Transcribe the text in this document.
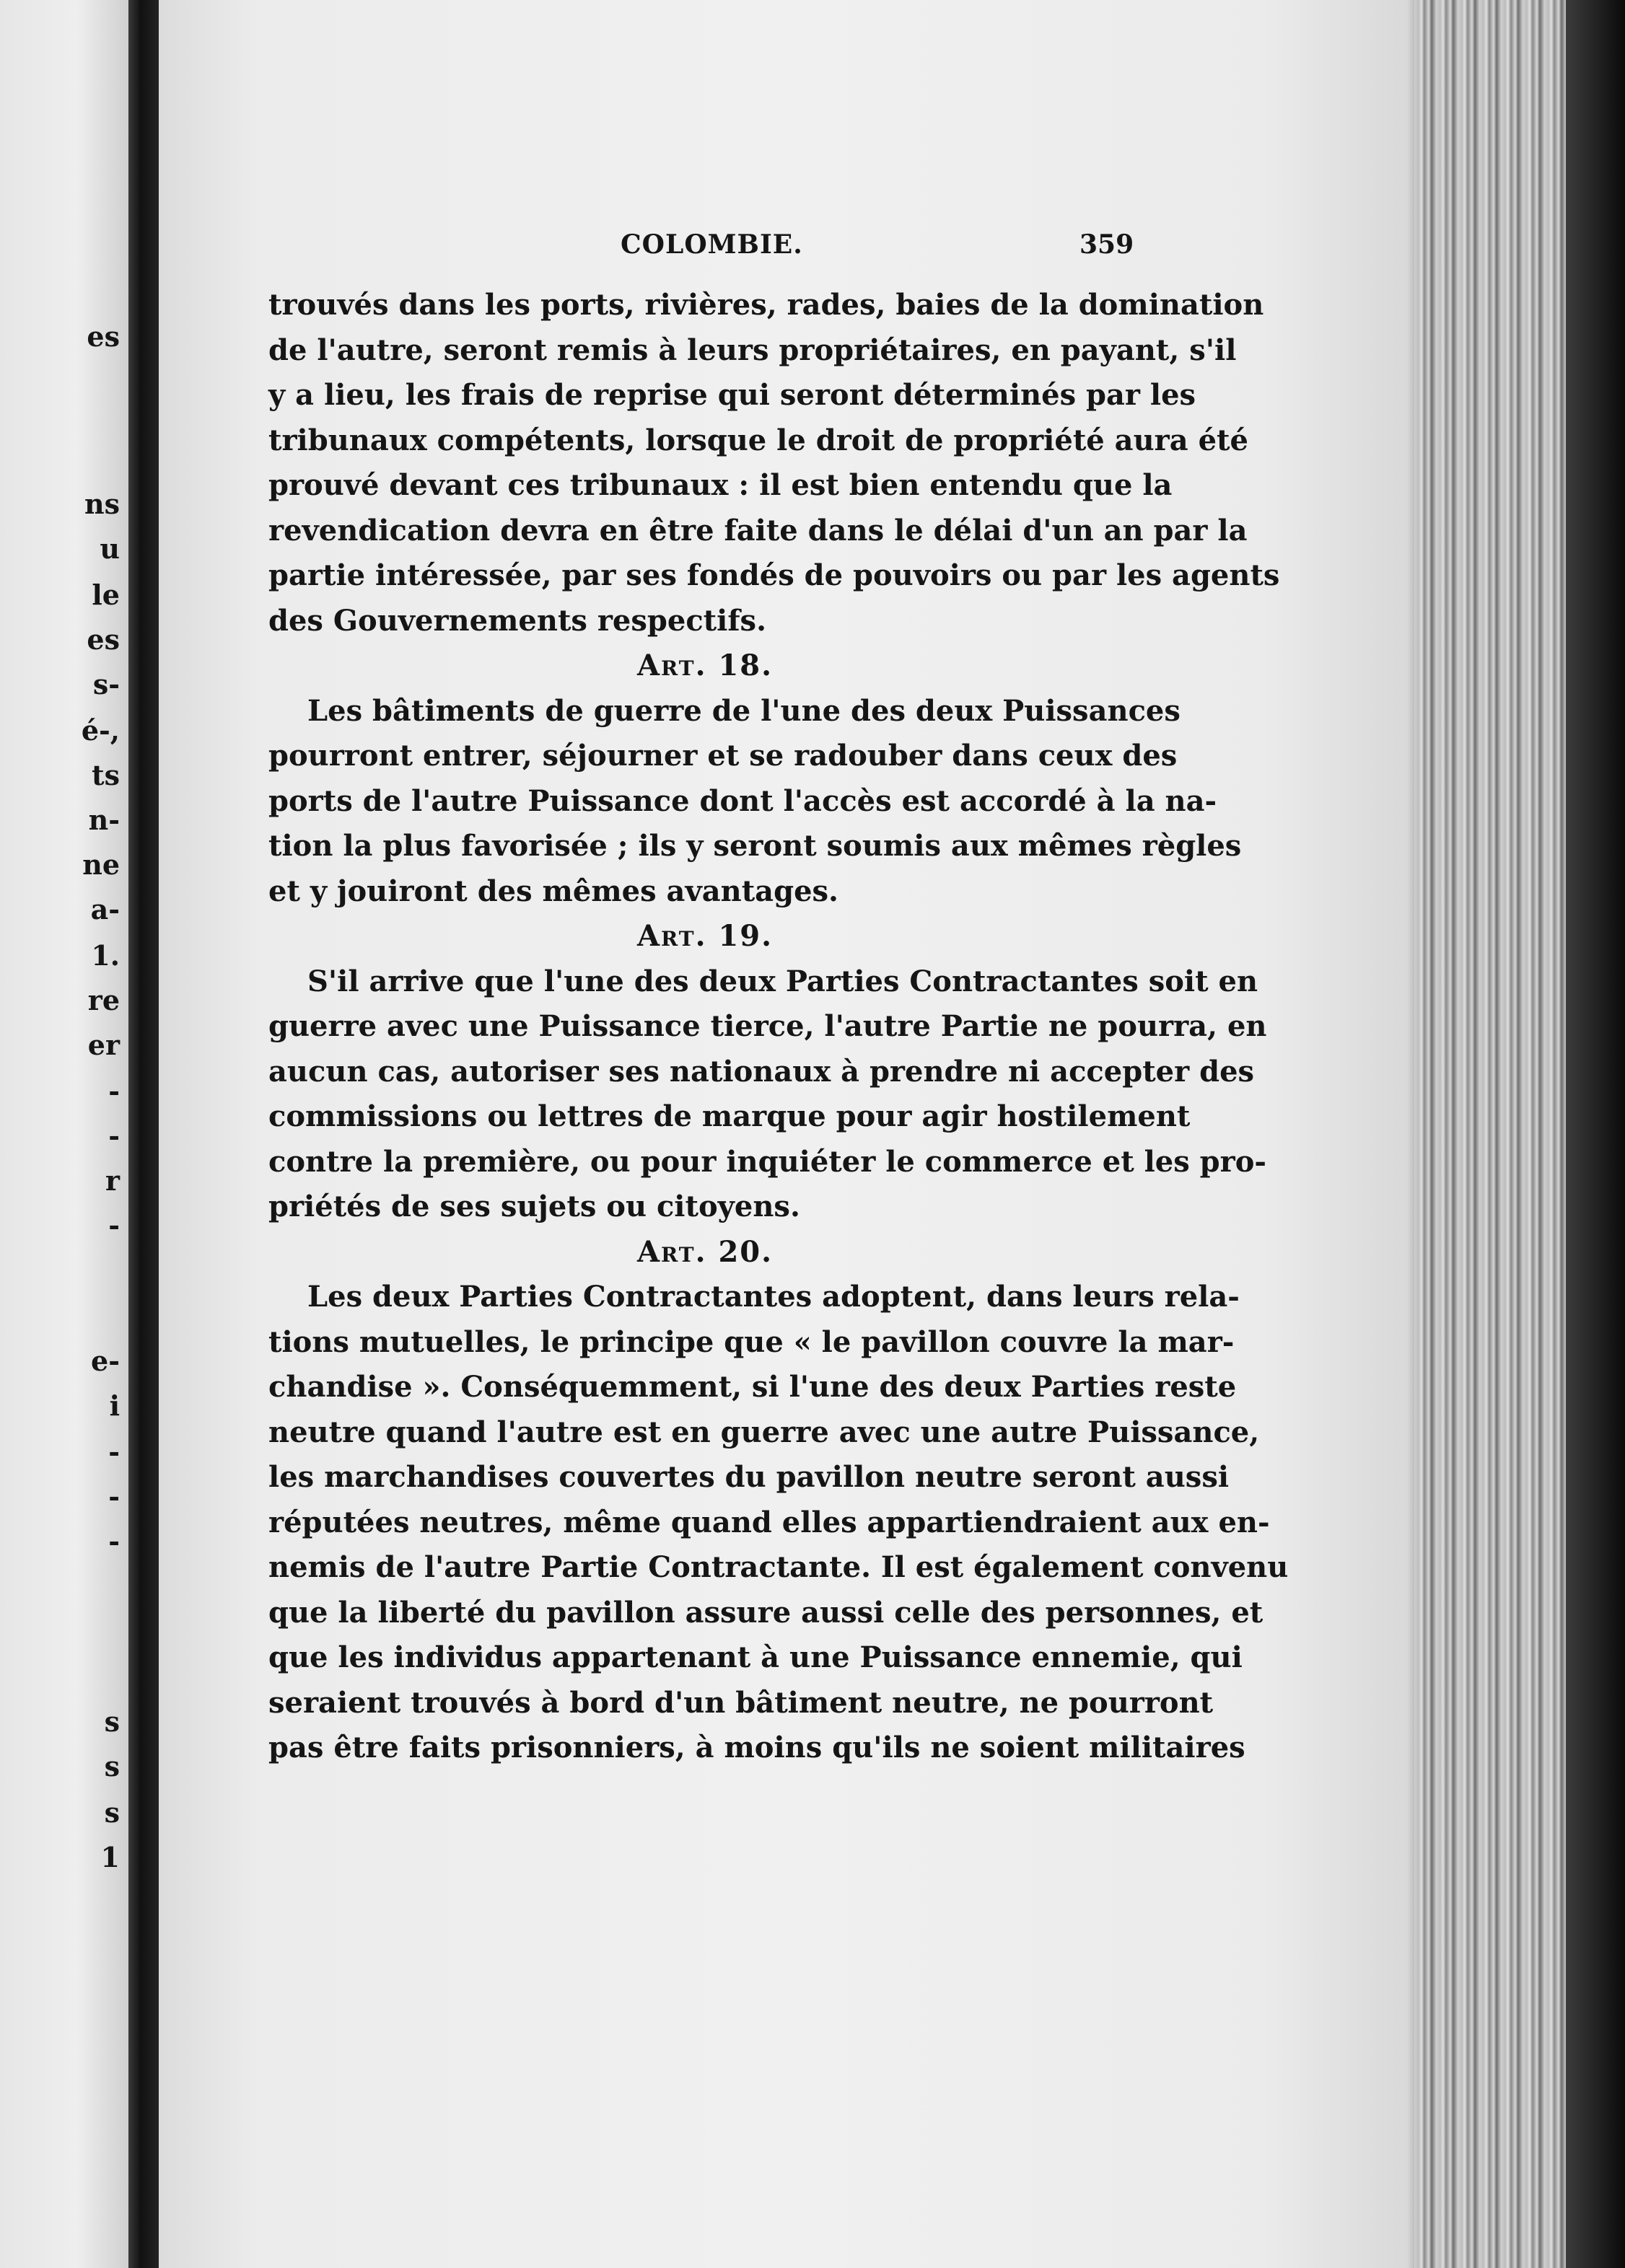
es
ns
u
le
es
s-
é-,
ts
n-
ne
a-
1.
re
er
-
-
r
-
e-
i
-
-
-
s
s
s
1
COLOMBIE.	359
trouvés dans les ports, rivières, rades, baies de la domination
de l'autre, seront remis à leurs propriétaires, en payant, s'il
y a lieu, les frais de reprise qui seront déterminés par les
tribunaux compétents, lorsque le droit de propriété aura été
prouvé devant ces tribunaux : il est bien entendu que la
revendication devra en être faite dans le délai d'un an par la
partie intéressée, par ses fondés de pouvoirs ou par les agents
des Gouvernements respectifs.
Art. 18.
Les bâtiments de guerre de l'une des deux Puissances
pourront entrer, séjourner et se radouber dans ceux des
ports de l'autre Puissance dont l'accès est accordé à la na-
tion la plus favorisée ; ils y seront soumis aux mêmes règles
et y jouiront des mêmes avantages.
Art. 19.
S'il arrive que l'une des deux Parties Contractantes soit en
guerre avec une Puissance tierce, l'autre Partie ne pourra, en
aucun cas, autoriser ses nationaux à prendre ni accepter des
commissions ou lettres de marque pour agir hostilement
contre la première, ou pour inquiéter le commerce et les pro-
priétés de ses sujets ou citoyens.
Art. 20.
Les deux Parties Contractantes adoptent, dans leurs rela-
tions mutuelles, le principe que « le pavillon couvre la mar-
chandise ». Conséquemment, si l'une des deux Parties reste
neutre quand l'autre est en guerre avec une autre Puissance,
les marchandises couvertes du pavillon neutre seront aussi
réputées neutres, même quand elles appartiendraient aux en-
nemis de l'autre Partie Contractante. Il est également convenu
que la liberté du pavillon assure aussi celle des personnes, et
que les individus appartenant à une Puissance ennemie, qui
seraient trouvés à bord d'un bâtiment neutre, ne pourront
pas être faits prisonniers, à moins qu'ils ne soient militaires
